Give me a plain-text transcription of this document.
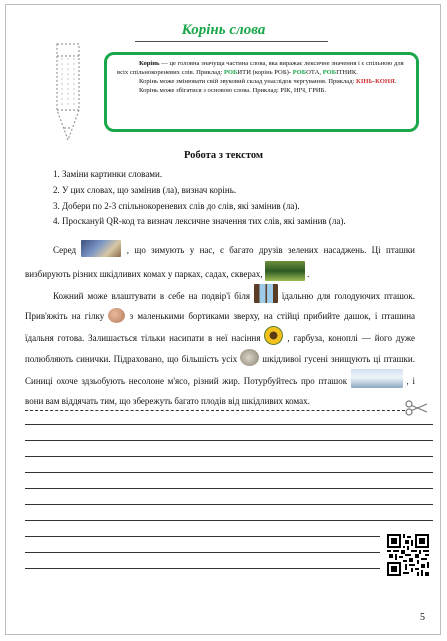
Корінь слова

Корінь — це головна значуща частина слова, яка виражає лексичне значення і є спільною для всіх спільнокореневих слів. Приклад: РОБИТИ (корінь РОБ)- РОБОТА, РОБІТНИК.

Корінь може змінювати свій звуковий склад унаслідок чергування. Приклад: КІНЬ-КОНЯ.

Корінь може збігатися з основою слова. Приклад: РІК, НІЧ, ГРИБ.

Робота з текстом
1. Заміни картинки словами.
2. У цих словах, що замінив (ла), визнач корінь.
3. Добери по 2-3 спільнокореневих слів до слів, які замінив (ла).
4. Проскануй QR-код та визнач лексичне значення тих слів, які замінив (ла).

Серед	, що зимують у нас, є багато друзів зелених насаджень. Ці пташки визбирують різних шкідливих комах у парках, садах, скверах,	.

Кожний може влаштувати в себе на подвір'ї біля	їдальню для голодуючих пташок. Прив'яжіть на гілку  з маленькими бортиками зверху, на стійці прибийте дашок, і пташина їдальня готова. Залишається тільки насипати в неї насіння  , гарбуза, коноплі — його дуже полюбляють синички. Підраховано, що більшість усіх  шкідливої гусені знищують ці пташки. Синиці охоче здзьобують несолоне м'ясо, різний жир. Потурбуйтесь про пташок	, і вони вам віддячать тим, що збережуть багато плодів від шкідливих комах.

5
